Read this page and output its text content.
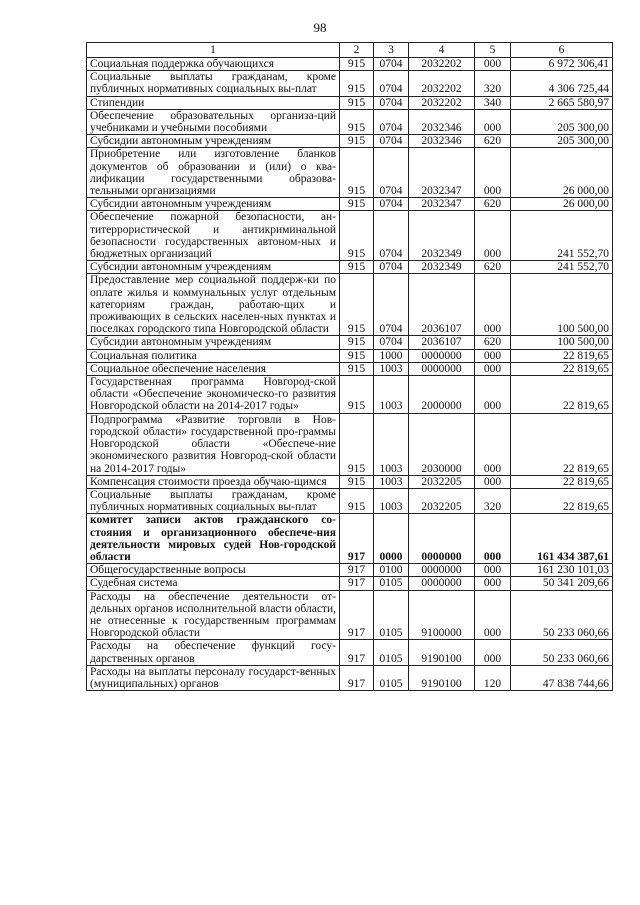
98
1	2	3	4	5	6
Социальная поддержка обучающихся	915	0704	2032202	000	6 972 306,41
Социальные выплаты гражданам, кроме публичных нормативных социальных вы-плат	915	0704	2032202	320	4 306 725,44
Стипендии	915	0704	2032202	340	2 665 580,97
Обеспечение образовательных организа-ций учебниками и учебными пособиями	915	0704	2032346	000	205 300,00
Субсидии автономным учреждениям	915	0704	2032346	620	205 300,00
Приобретение или изготовление бланков документов об образовании и (или) о ква-лификации государственными образова-тельными организациями	915	0704	2032347	000	26 000,00
Субсидии автономным учреждениям	915	0704	2032347	620	26 000,00
Обеспечение пожарной безопасности, ан-титеррористической и антикриминальной безопасности государственных автоном-ных и бюджетных организаций	915	0704	2032349	000	241 552,70
Субсидии автономным учреждениям	915	0704	2032349	620	241 552,70
Предоставление мер социальной поддерж-ки по оплате жилья и коммунальных услуг отдельным категориям граждан, работаю-щих и проживающих в сельских населен-ных пунктах и поселках городского типа Новгородской области	915	0704	2036107	000	100 500,00
Субсидии автономным учреждениям	915	0704	2036107	620	100 500,00
Социальная политика	915	1000	0000000	000	22 819,65
Социальное обеспечение населения	915	1003	0000000	000	22 819,65
Государственная программа Новгород-ской области «Обеспечение экономическо-го развития Новгородской области на 2014-2017 годы»	915	1003	2000000	000	22 819,65
Подпрограмма «Развитие торговли в Нов-городской области» государственной про-граммы Новгородской области «Обеспече-ние экономического развития Новгород-ской области на 2014-2017 годы»	915	1003	2030000	000	22 819,65
Компенсация стоимости проезда обучаю-щимся	915	1003	2032205	000	22 819,65
Социальные выплаты гражданам, кроме публичных нормативных социальных вы-плат	915	1003	2032205	320	22 819,65
комитет записи актов гражданского со-стояния и организационного обеспече-ния деятельности мировых судей Нов-городской области	917	0000	0000000	000	161 434 387,61
Общегосударственные вопросы	917	0100	0000000	000	161 230 101,03
Судебная система	917	0105	0000000	000	50 341 209,66
Расходы на обеспечение деятельности от-дельных органов исполнительной власти области, не отнесенные к государственным программам Новгородской области	917	0105	9100000	000	50 233 060,66
Расходы на обеспечение функций госу-дарственных органов	917	0105	9190100	000	50 233 060,66
Расходы на выплаты персоналу государст-венных (муниципальных) органов	917	0105	9190100	120	47 838 744,66
